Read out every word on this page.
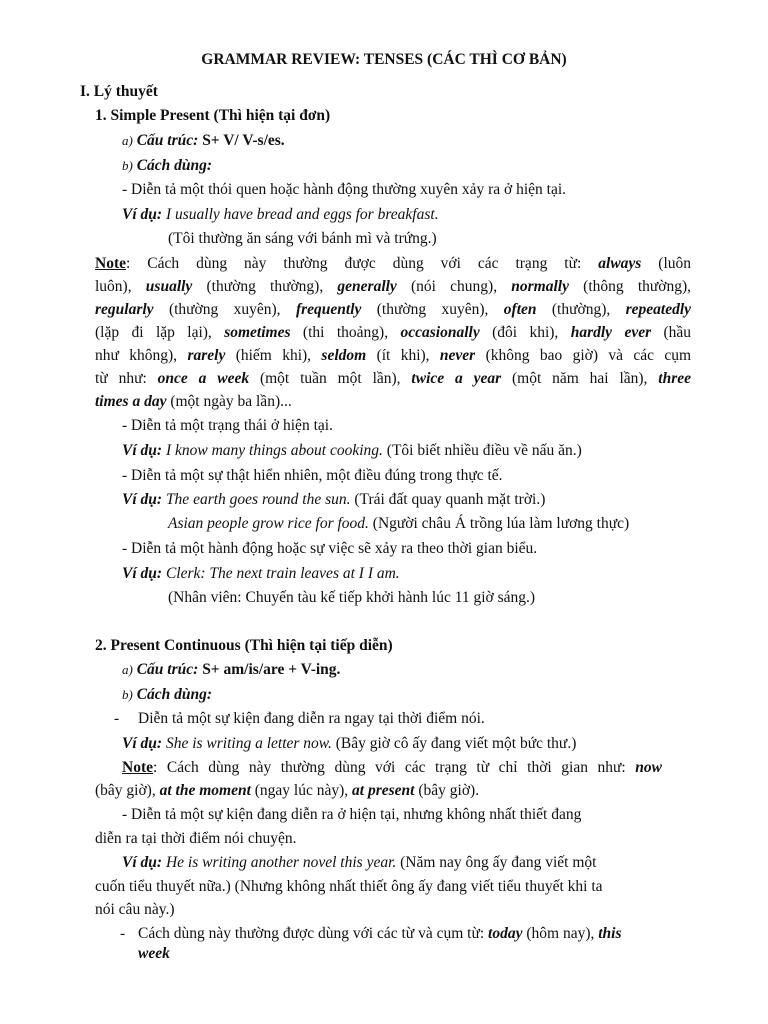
GRAMMAR REVIEW: TENSES (CÁC THÌ CƠ BẢN)
I. Lý thuyết
1. Simple Present (Thì hiện tại đơn)
a) Cấu trúc: S+ V/ V-s/es.
b) Cách dùng:
- Diễn tả một thói quen hoặc hành động thường xuyên xảy ra ở hiện tại.
Ví dụ: I usually have bread and eggs for breakfast.
(Tôi thường ăn sáng với bánh mì và trứng.)
Note: Cách dùng này thường được dùng với các trạng từ: always (luôn
luôn), usually (thường thường), generally (nói chung), normally (thông thường),
regularly (thường xuyên), frequently (thường xuyên), often (thường), repeatedly
(lặp đi lặp lại), sometimes (thi thoảng), occasionally (đôi khi), hardly ever (hầu
như không), rarely (hiếm khi), seldom (ít khi), never (không bao giờ) và các cụm
từ như: once a week (một tuần một lần), twice a year (một năm hai lần), three
times a day (một ngày ba lần)...
- Diễn tả một trạng thái ở hiện tại.
Ví dụ: I know many things about cooking. (Tôi biết nhiều điều về nấu ăn.)
- Diễn tả một sự thật hiển nhiên, một điều đúng trong thực tế.
Ví dụ: The earth goes round the sun. (Trái đất quay quanh mặt trời.)
Asian people grow rice for food. (Người châu Á trồng lúa làm lương thực)
- Diễn tả một hành động hoặc sự việc sẽ xảy ra theo thời gian biểu.
Ví dụ: Clerk: The next train leaves at I I am.
(Nhân viên: Chuyến tàu kế tiếp khởi hành lúc 11 giờ sáng.)
2. Present Continuous (Thì hiện tại tiếp diễn)
a) Cấu trúc: S+ am/is/are + V-ing.
b) Cách dùng:
- Diễn tả một sự kiện đang diễn ra ngay tại thời điểm nói.
Ví dụ: She is writing a letter now. (Bây giờ cô ấy đang viết một bức thư.)
Note: Cách dùng này thường dùng với các trạng từ chỉ thời gian như: now
(bây giờ), at the moment (ngay lúc này), at present (bây giờ).
- Diễn tả một sự kiện đang diễn ra ở hiện tại, nhưng không nhất thiết đang
diễn ra tại thời điểm nói chuyện.
Ví dụ: He is writing another novel this year. (Năm nay ông ấy đang viết một
cuốn tiểu thuyết nữa.) (Nhưng không nhất thiết ông ấy đang viết tiểu thuyết khi ta
nói câu này.)
- Cách dùng này thường được dùng với các từ và cụm từ: today (hôm nay), this
week
